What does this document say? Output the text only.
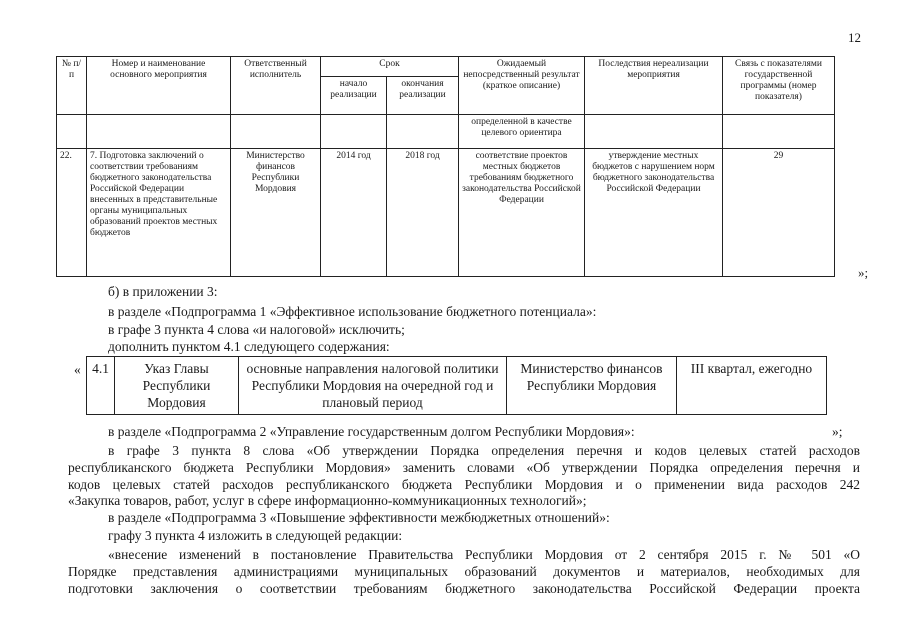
12
№ п/п	Номер и наименование основного мероприятия	Ответственный исполнитель	Срок		Ожидаемый непосредственный результат (краткое описание)	Последствия нереализации мероприятия	Связь с показателями государственной программы (номер показателя)
			начало реализации	окончания реализации			
					определенной в качестве целевого ориентира		
22.	7. Подготовка заключений о соответствии требованиям бюджетного законодательства Российской Федерации внесенных в представительные органы муниципальных образований проектов местных бюджетов	Министерство финансов Республики Мордовия	2014 год	2018 год	соответствие проектов местных бюджетов требованиям бюджетного законодательства Российской Федерации	утверждение местных бюджетов с нарушением норм бюджетного законодательства Российской Федерации	29
»;
б) в приложении 3:
в разделе «Подпрограмма 1 «Эффективное использование бюджетного потенциала»:
в графе 3 пункта 4 слова «и налоговой» исключить;
дополнить пунктом 4.1 следующего содержания:
« 4.1	Указ Главы Республики Мордовия	основные направления налоговой политики Республики Мордовия на очередной год и плановый период	Министерство финансов Республики Мордовия	III квартал, ежегодно
»;
в разделе «Подпрограмма 2 «Управление государственным долгом Республики Мордовия»:
в графе 3 пункта 8 слова «Об утверждении Порядка определения перечня и кодов целевых статей расходов
республиканского бюджета Республики Мордовия» заменить словами «Об утверждении Порядка определения перечня и
кодов целевых статей расходов республиканского бюджета Республики Мордовия и о применении вида расходов 242
«Закупка товаров, работ, услуг в сфере информационно-коммуникационных технологий»;
в разделе «Подпрограмма 3 «Повышение эффективности межбюджетных отношений»:
графу 3 пункта 4 изложить в следующей редакции:
«внесение изменений в постановление Правительства Республики Мордовия от 2 сентября 2015 г. № 501 «О
Порядке представления администрациями муниципальных образований документов и материалов, необходимых для
подготовки заключения о соответствии требованиям бюджетного законодательства Российской Федерации проекта
